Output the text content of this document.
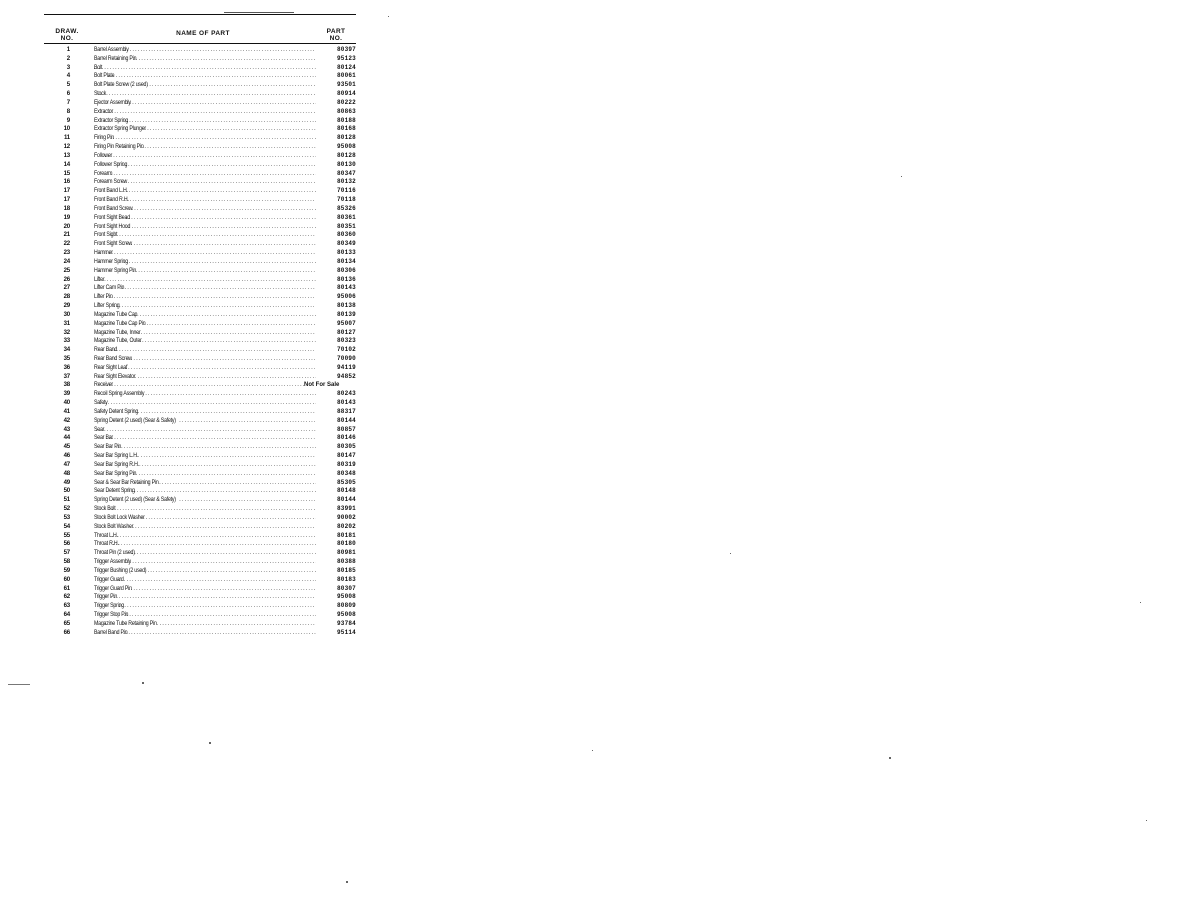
DRAW.
NO.
NAME OF PART	PART
NO.
1	Barrel Assembly .....	80397
2	Barrel Retaining Pin .....	95123
3	Bolt .....	80124
4	Bolt Plate .....	80061
5	Bolt Plate Screw (2 used) .....	93501
6	Stock .....	80914
7	Ejector Assembly .....	80222
8	Extractor .....	80863
9	Extractor Spring .....	80188
10	Extractor Spring Plunger .....	80168
11	Firing Pin .....	80128
12	Firing Pin Retaining Pin .....	95008
13	Follower .....	80128
14	Follower Spring .....	80130
15	Forearm .....	80347
16	Forearm Screw .....	80132
17	Front Band L.H. .....	70116
17	Front Band R.H. .....	70118
18	Front Band Screw .....	85326
19	Front Sight Bead .....	80361
20	Front Sight Hood .....	80351
21	Front Sight .....	80360
22	Front Sight Screw .....	80349
23	Hammer .....	80133
24	Hammer Spring .....	80134
25	Hammer Spring Pin .....	80306
26	Lifter .....	80136
27	Lifter Cam Pin .....	80143
28	Lifter Pin .....	95006
29	Lifter Spring .....	80138
30	Magazine Tube Cap .....	80139
31	Magazine Tube Cap Pin .....	95007
32	Magazine Tube, Inner .....	80127
33	Magazine Tube, Outer .....	80323
34	Rear Band .....	70102
35	Rear Band Screw .....	70090
36	Rear Sight Leaf .....	94119
37	Rear Sight Elevator .....	94852
38	Receiver .....	Not For Sale
39	Recoil Spring Assembly .....	80243
40	Safety .....	80143
41	Safety Detent Spring .....	88317
42	Spring Detent (2 used) (Sear & Safety) .....	80144
43	Sear .....	80857
44	Sear Bar .....	80146
45	Sear Bar Pin .....	80305
46	Sear Bar Spring L.H. .....	80147
47	Sear Bar Spring R.H. .....	80319
48	Sear Bar Spring Pin .....	80348
49	Sear & Sear Bar Retaining Pin .....	85305
50	Sear Detent Spring .....	80148
51	Spring Detent (2 used) (Sear & Safety) .....	80144
52	Stock Bolt .....	83991
53	Stock Bolt Lock Washer .....	90002
54	Stock Bolt Washer .....	80202
55	Throat L.H. .....	80181
56	Throat R.H. .....	80180
57	Throat Pin (2 used) .....	80981
58	Trigger Assembly .....	80388
59	Trigger Bushing (2 used) .....	80185
60	Trigger Guard .....	80183
61	Trigger Guard Pin .....	80307
62	Trigger Pin .....	95008
63	Trigger Spring .....	80809
64	Trigger Stop Pin .....	95008
65	Magazine Tube Retaining Pin .....	93784
66	Barrel Band Pin .....	95114
